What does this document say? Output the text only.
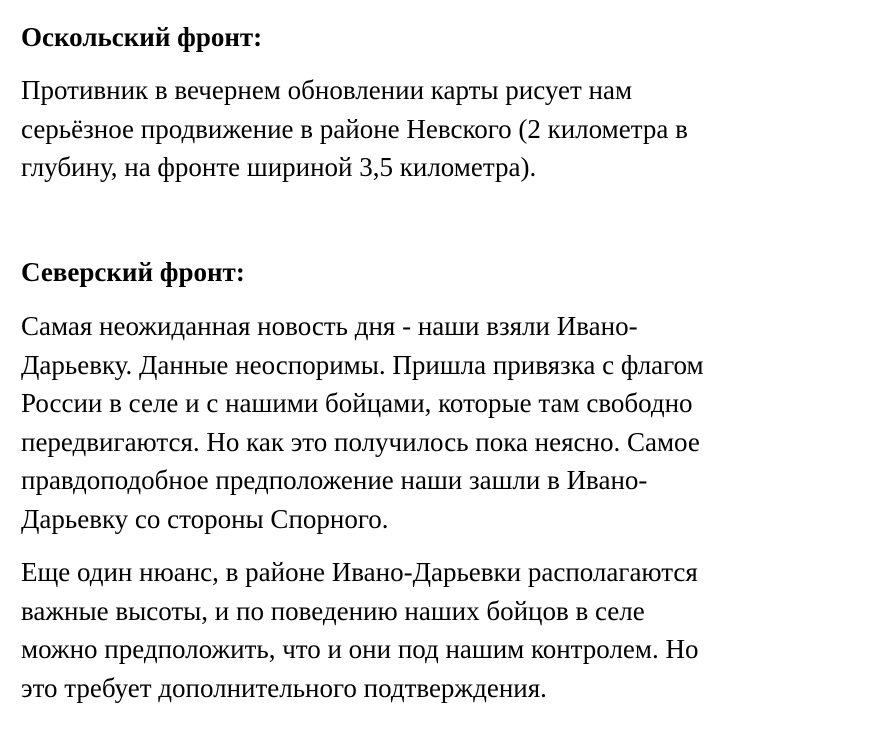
Оскольский фронт:

Противник в вечернем обновлении карты рисует нам
серьёзное продвижение в районе Невского (2 километра в
глубину, на фронте шириной 3,5 километра).

Северский фронт:

Самая неожиданная новость дня - наши взяли Ивано-
Дарьевку. Данные неоспоримы. Пришла привязка с флагом
России в селе и с нашими бойцами, которые там свободно
передвигаются. Но как это получилось пока неясно. Самое
правдоподобное предположение наши зашли в Ивано-
Дарьевку со стороны Спорного.

Еще один нюанс, в районе Ивано-Дарьевки располагаются
важные высоты, и по поведению наших бойцов в селе
можно предположить, что и они под нашим контролем. Но
это требует дополнительного подтверждения.
